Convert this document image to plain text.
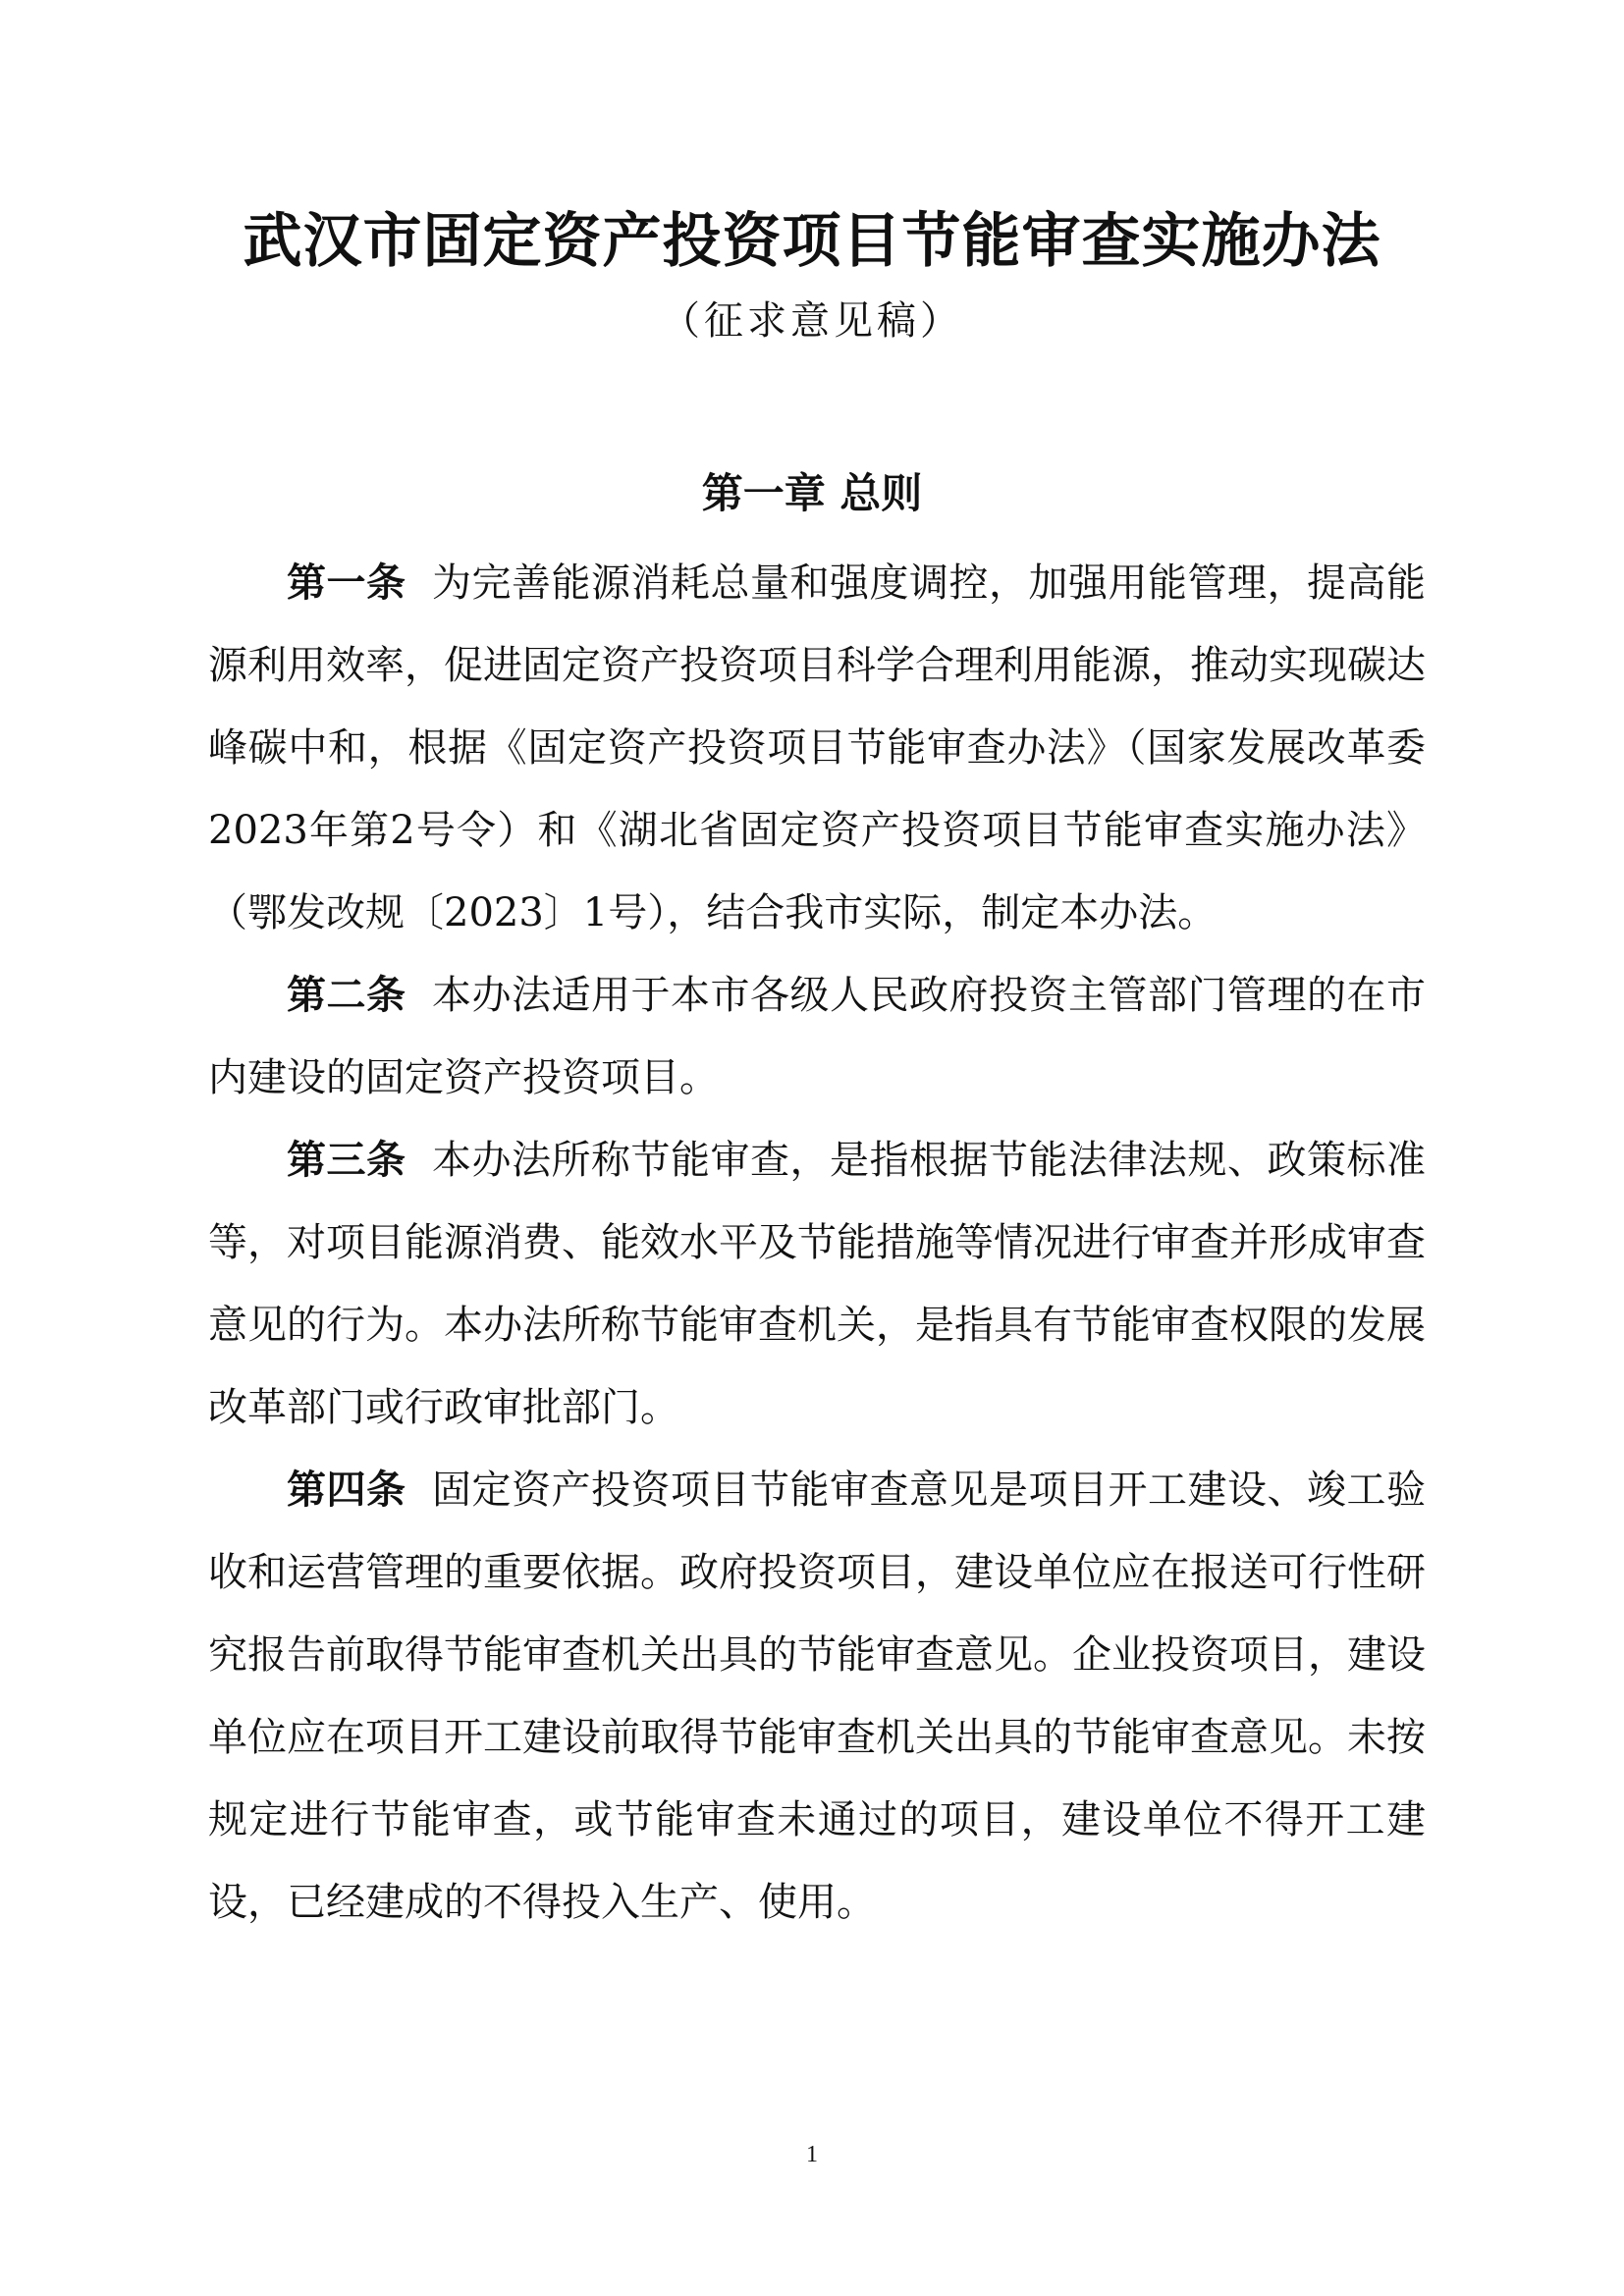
武汉市固定资产投资项目节能审查实施办法
（征求意见稿）
第一章 总则

第一条 为完善能源消耗总量和强度调控，加强用能管理，提高能源利用效率，促进固定资产投资项目科学合理利用能源，推动实现碳达峰碳中和，根据《固定资产投资项目节能审查办法》（国家发展改革委2023年第2号令）和《湖北省固定资产投资项目节能审查实施办法》（鄂发改规〔2023〕1号），结合我市实际，制定本办法。

第二条 本办法适用于本市各级人民政府投资主管部门管理的在市内建设的固定资产投资项目。

第三条 本办法所称节能审查，是指根据节能法律法规、政策标准等，对项目能源消费、能效水平及节能措施等情况进行审查并形成审查意见的行为。本办法所称节能审查机关，是指具有节能审查权限的发展改革部门或行政审批部门。

第四条 固定资产投资项目节能审查意见是项目开工建设、竣工验收和运营管理的重要依据。政府投资项目，建设单位应在报送可行性研究报告前取得节能审查机关出具的节能审查意见。企业投资项目，建设单位应在项目开工建设前取得节能审查机关出具的节能审查意见。未按规定进行节能审查，或节能审查未通过的项目，建设单位不得开工建设，已经建成的不得投入生产、使用。

1
